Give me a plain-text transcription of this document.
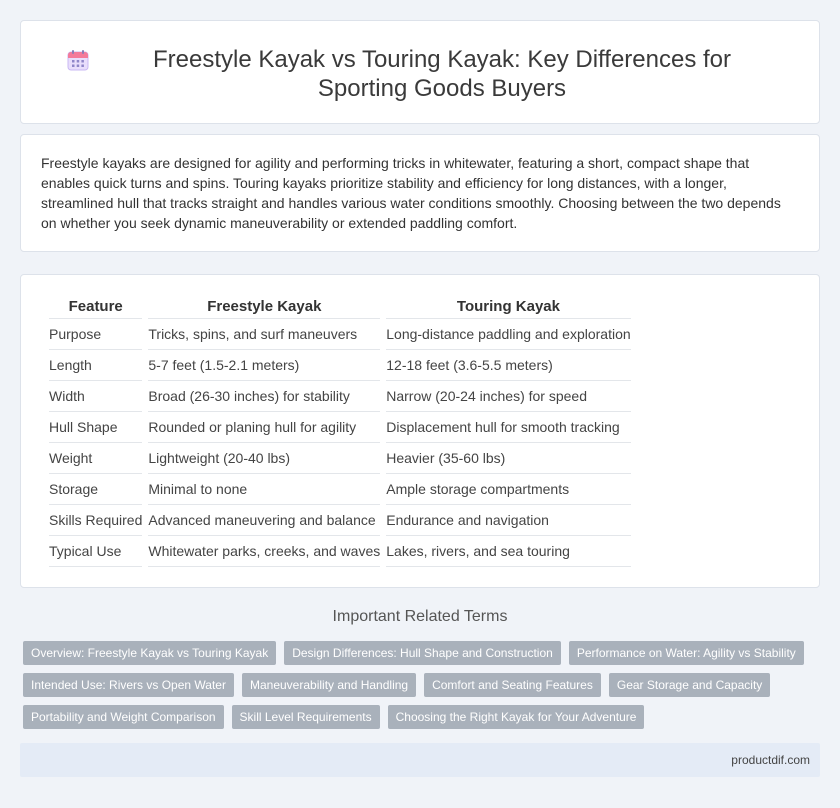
Freestyle Kayak vs Touring Kayak: Key Differences for Sporting Goods Buyers

Freestyle kayaks are designed for agility and performing tricks in whitewater, featuring a short, compact shape that enables quick turns and spins. Touring kayaks prioritize stability and efficiency for long distances, with a longer, streamlined hull that tracks straight and handles various water conditions smoothly. Choosing between the two depends on whether you seek dynamic maneuverability or extended paddling comfort.

Feature	Freestyle Kayak	Touring Kayak
Purpose	Tricks, spins, and surf maneuvers	Long-distance paddling and exploration
Length	5-7 feet (1.5-2.1 meters)	12-18 feet (3.6-5.5 meters)
Width	Broad (26-30 inches) for stability	Narrow (20-24 inches) for speed
Hull Shape	Rounded or planing hull for agility	Displacement hull for smooth tracking
Weight	Lightweight (20-40 lbs)	Heavier (35-60 lbs)
Storage	Minimal to none	Ample storage compartments
Skills Required	Advanced maneuvering and balance	Endurance and navigation
Typical Use	Whitewater parks, creeks, and waves	Lakes, rivers, and sea touring
Important Related Terms
Overview: Freestyle Kayak vs Touring Kayak	Design Differences: Hull Shape and Construction	Performance on Water: Agility vs Stability
Intended Use: Rivers vs Open Water	Maneuverability and Handling	Comfort and Seating Features	Gear Storage and Capacity
Portability and Weight Comparison	Skill Level Requirements	Choosing the Right Kayak for Your Adventure
productdif.com
